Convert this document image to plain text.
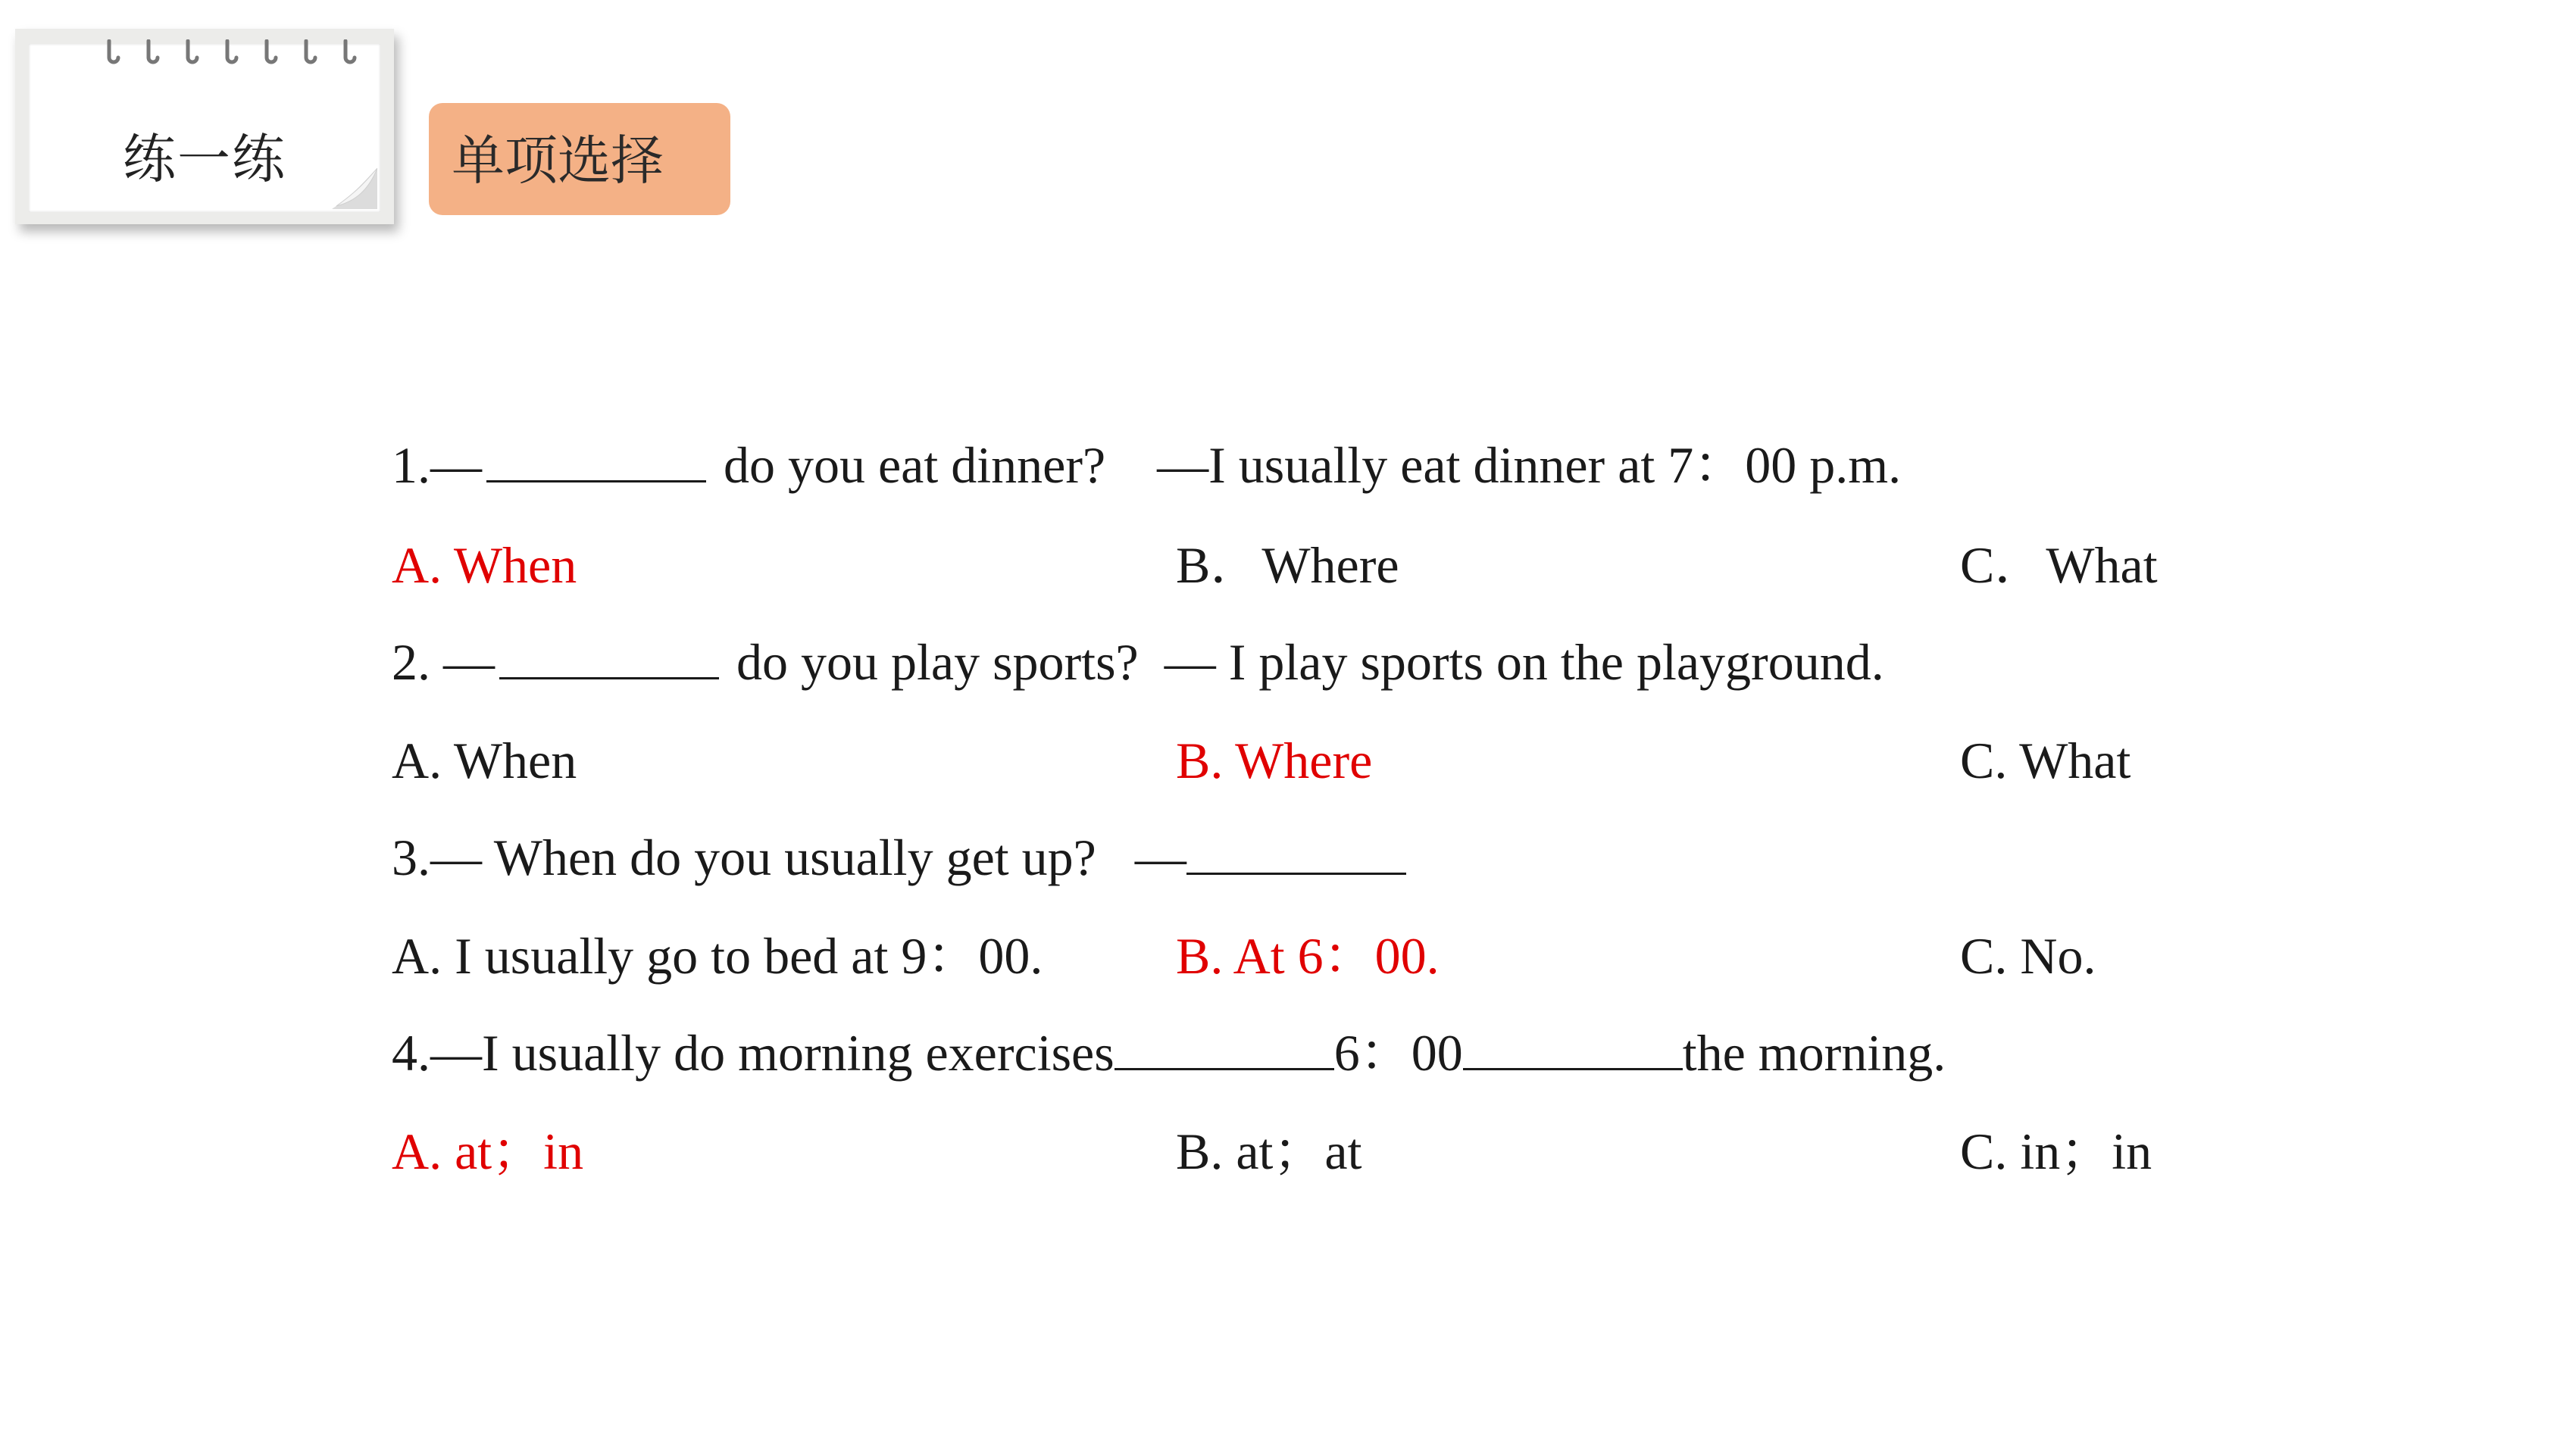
练一练	单项选择
1.—	do you eat dinner?    —I usually eat dinner at 7：00 p.m.
A. When	B．Where	C．What
2. —	do you play sports?  — I play sports on the playground.
A. When	B. Where	C. What
3.— When do you usually get up?   —
A. I usually go to bed at 9：00.	B. At 6：00.	C. No.
4.—I usually do morning exercises	6：00	the morning.
A. at；in	B. at；at	C. in；in
